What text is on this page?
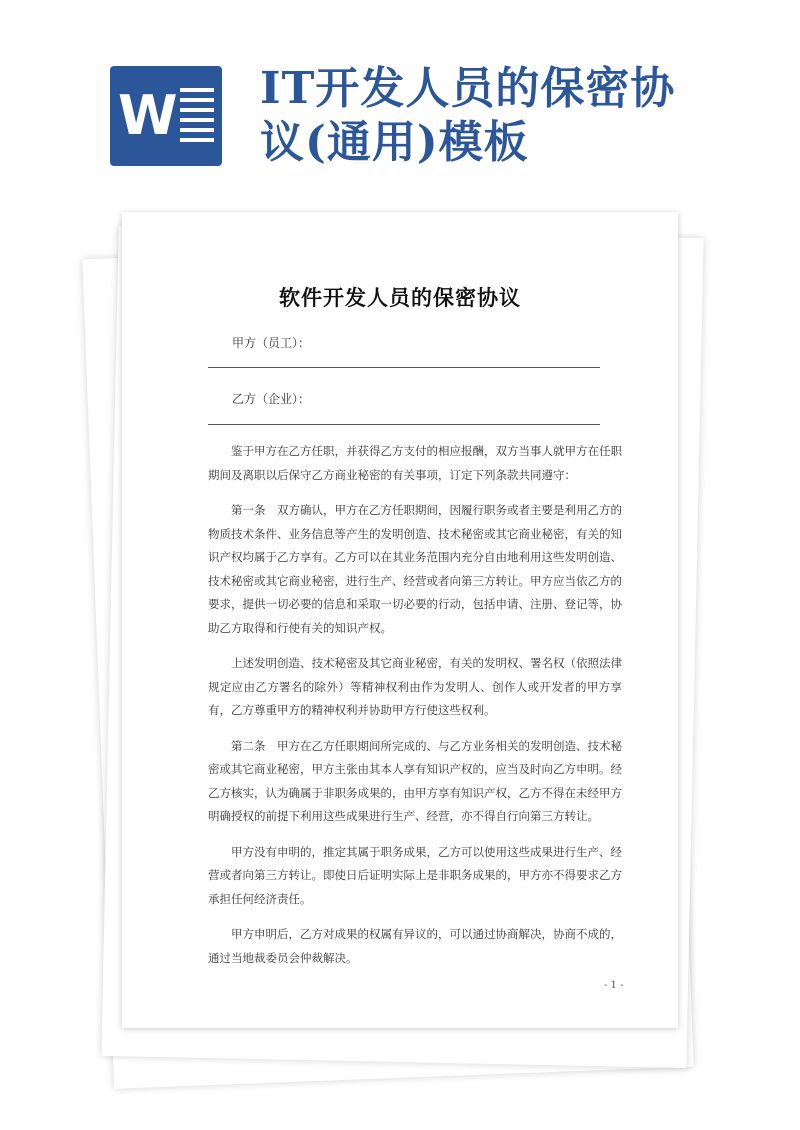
W IT开发人员的保密协
议(通用)模板
软件开发人员的保密协议
甲方（员工）：
乙方（企业）：

鉴于甲方在乙方任职，并获得乙方支付的相应报酬，双方当事人就甲方在任职期间及离职以后保守乙方商业秘密的有关事项，订定下列条款共同遵守：

第一条　双方确认，甲方在乙方任职期间，因履行职务或者主要是利用乙方的物质技术条件、业务信息等产生的发明创造、技术秘密或其它商业秘密，有关的知识产权均属于乙方享有。乙方可以在其业务范围内充分自由地利用这些发明创造、技术秘密或其它商业秘密，进行生产、经营或者向第三方转让。甲方应当依乙方的要求，提供一切必要的信息和采取一切必要的行动，包括申请、注册、登记等，协助乙方取得和行使有关的知识产权。

上述发明创造、技术秘密及其它商业秘密，有关的发明权、署名权（依照法律规定应由乙方署名的除外）等精神权利由作为发明人、创作人或开发者的甲方享有，乙方尊重甲方的精神权利并协助甲方行使这些权利。

第二条　甲方在乙方任职期间所完成的、与乙方业务相关的发明创造、技术秘密或其它商业秘密，甲方主张由其本人享有知识产权的，应当及时向乙方申明。经乙方核实，认为确属于非职务成果的，由甲方享有知识产权，乙方不得在未经甲方明确授权的前提下利用这些成果进行生产、经营，亦不得自行向第三方转让。

甲方没有申明的，推定其属于职务成果，乙方可以使用这些成果进行生产、经营或者向第三方转让。即使日后证明实际上是非职务成果的，甲方亦不得要求乙方承担任何经济责任。

甲方申明后，乙方对成果的权属有异议的，可以通过协商解决，协商不成的，通过当地裁委员会仲裁解决。

- 1 -
